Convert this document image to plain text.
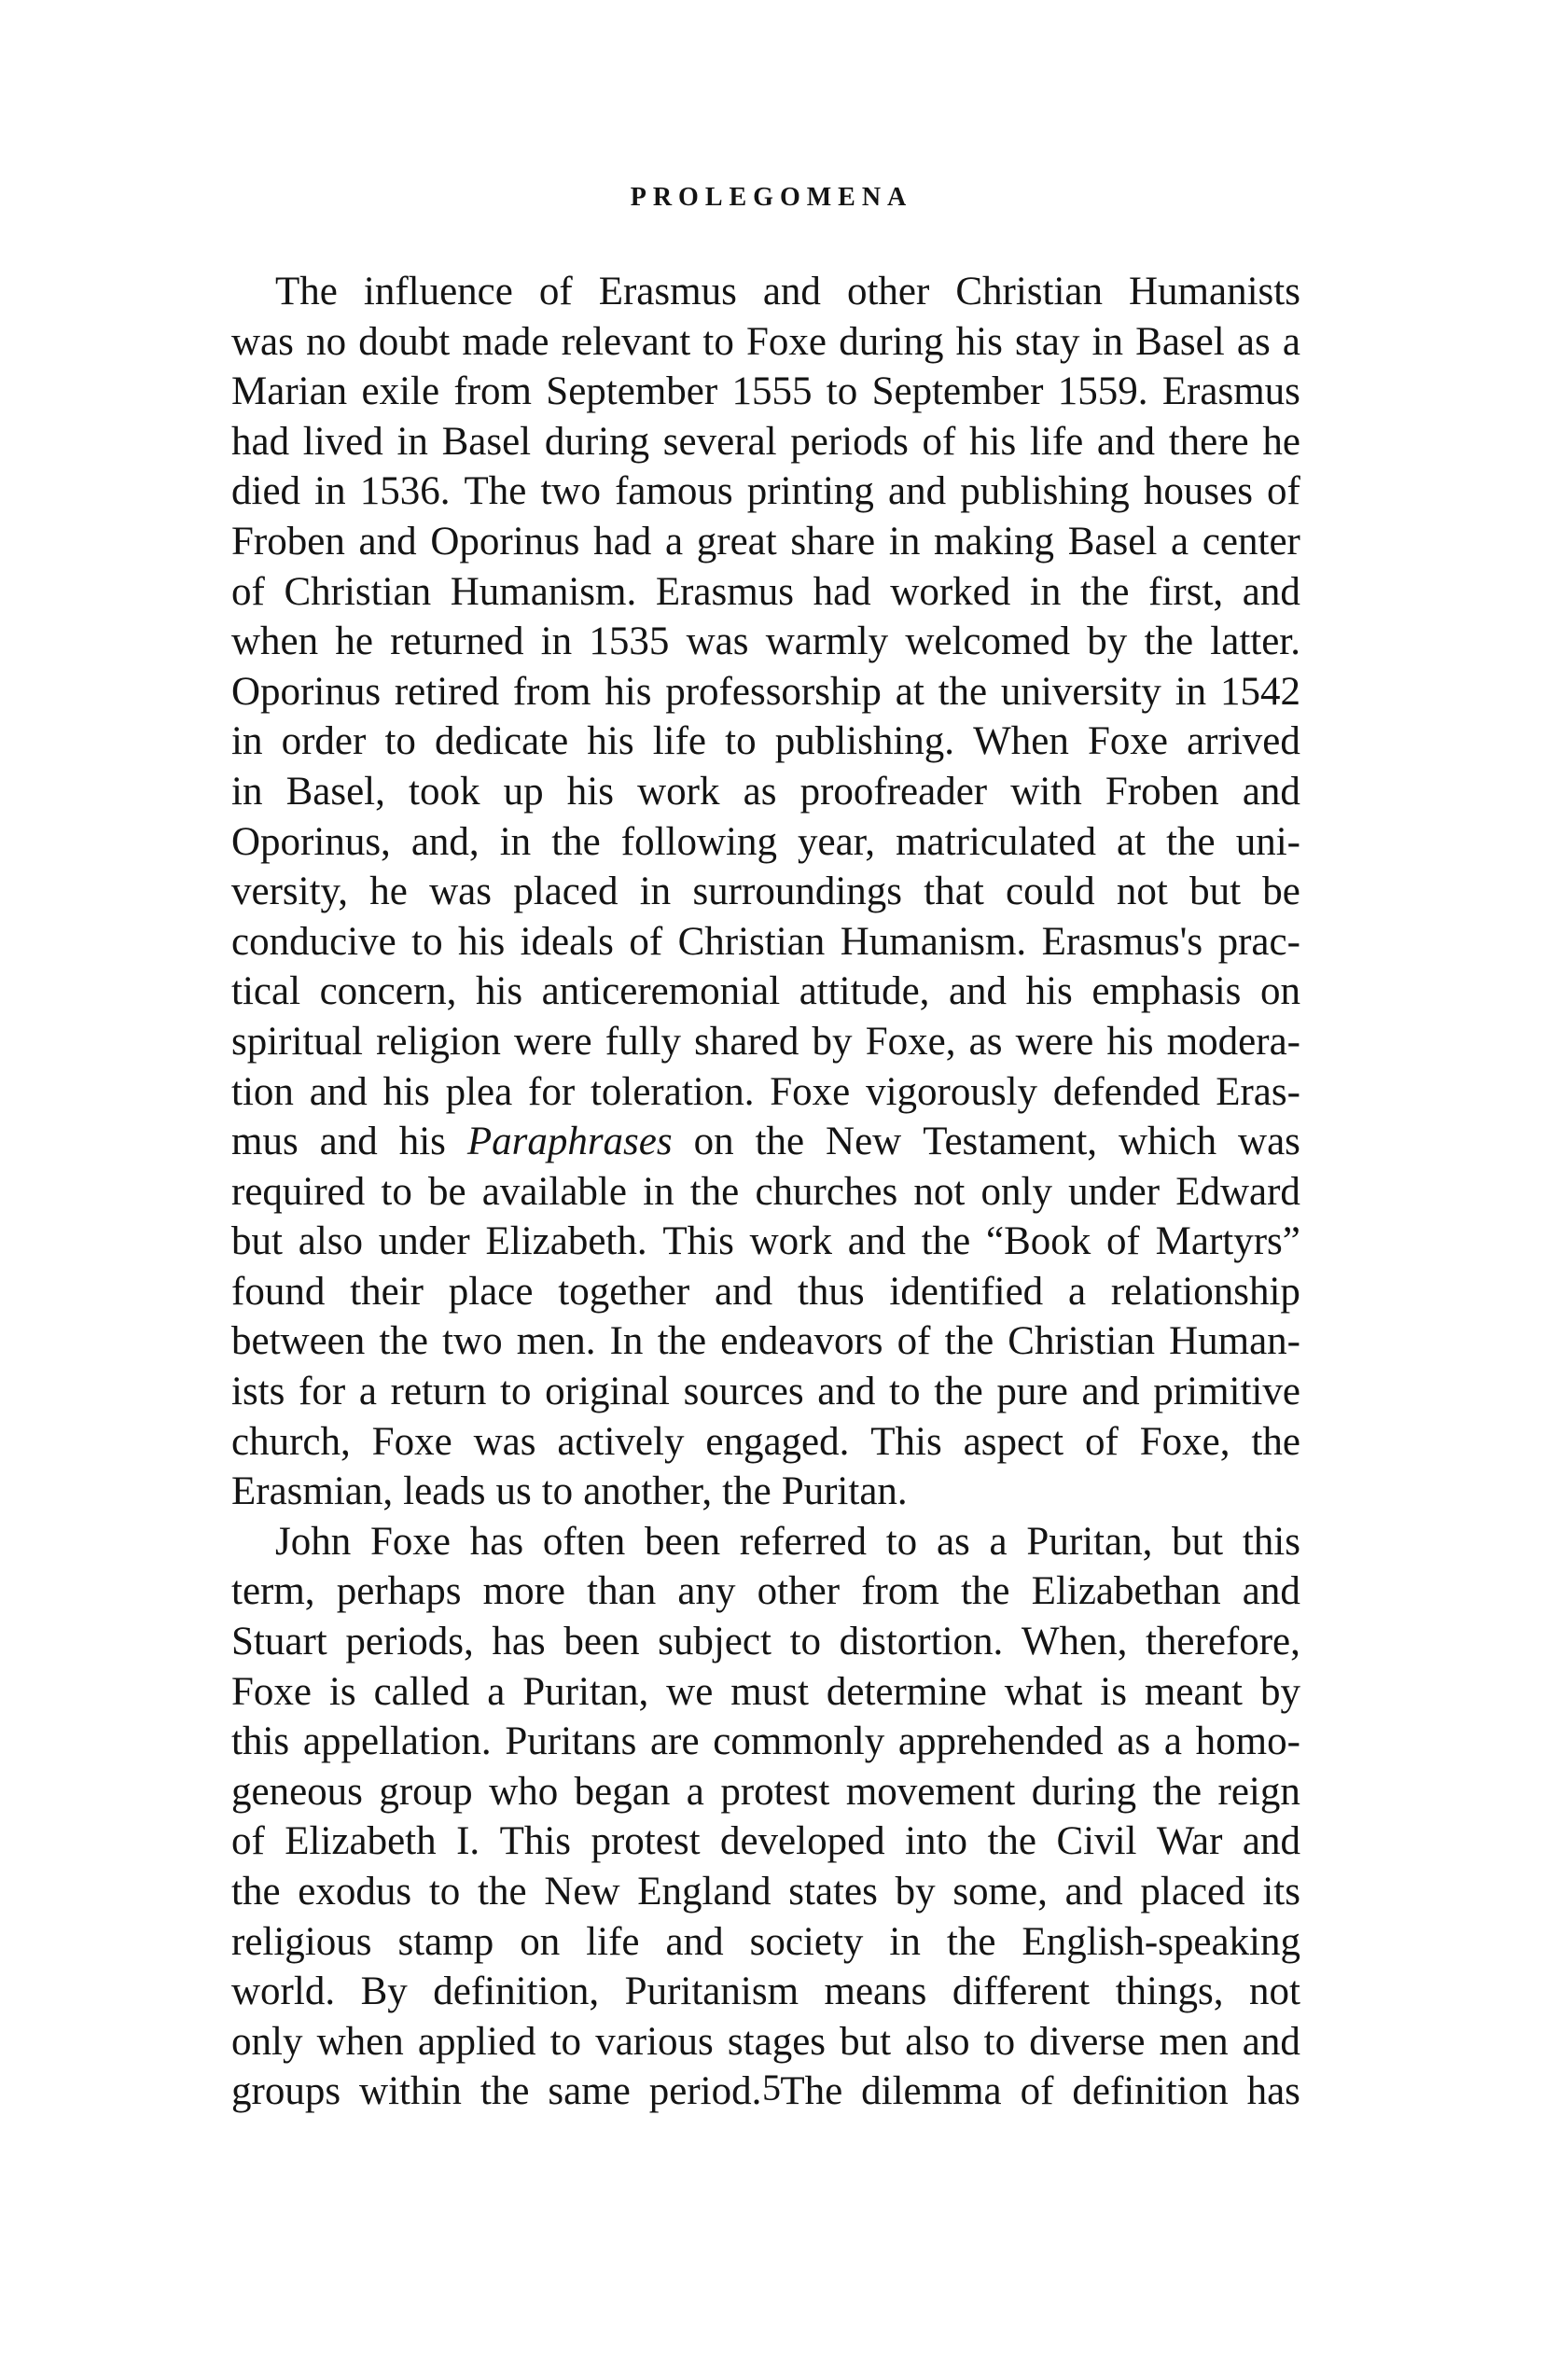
PROLEGOMENA
The influence of Erasmus and other Christian Humanists
was no doubt made relevant to Foxe during his stay in Basel as a
Marian exile from September 1555 to September 1559. Erasmus
had lived in Basel during several periods of his life and there he
died in 1536. The two famous printing and publishing houses of
Froben and Oporinus had a great share in making Basel a center
of Christian Humanism. Erasmus had worked in the first, and
when he returned in 1535 was warmly welcomed by the latter.
Oporinus retired from his professorship at the university in 1542
in order to dedicate his life to publishing. When Foxe arrived
in Basel, took up his work as proofreader with Froben and
Oporinus, and, in the following year, matriculated at the uni-
versity, he was placed in surroundings that could not but be
conducive to his ideals of Christian Humanism. Erasmus's prac-
tical concern, his anticeremonial attitude, and his emphasis on
spiritual religion were fully shared by Foxe, as were his modera-
tion and his plea for toleration. Foxe vigorously defended Eras-
mus and his Paraphrases on the New Testament, which was
required to be available in the churches not only under Edward
but also under Elizabeth. This work and the “Book of Martyrs”
found their place together and thus identified a relationship
between the two men. In the endeavors of the Christian Human-
ists for a return to original sources and to the pure and primitive
church, Foxe was actively engaged. This aspect of Foxe, the
Erasmian, leads us to another, the Puritan.
John Foxe has often been referred to as a Puritan, but this
term, perhaps more than any other from the Elizabethan and
Stuart periods, has been subject to distortion. When, therefore,
Foxe is called a Puritan, we must determine what is meant by
this appellation. Puritans are commonly apprehended as a homo-
geneous group who began a protest movement during the reign
of Elizabeth I. This protest developed into the Civil War and
the exodus to the New England states by some, and placed its
religious stamp on life and society in the English-speaking
world. By definition, Puritanism means different things, not
only when applied to various stages but also to diverse men and
groups within the same period. The dilemma of definition has
5
